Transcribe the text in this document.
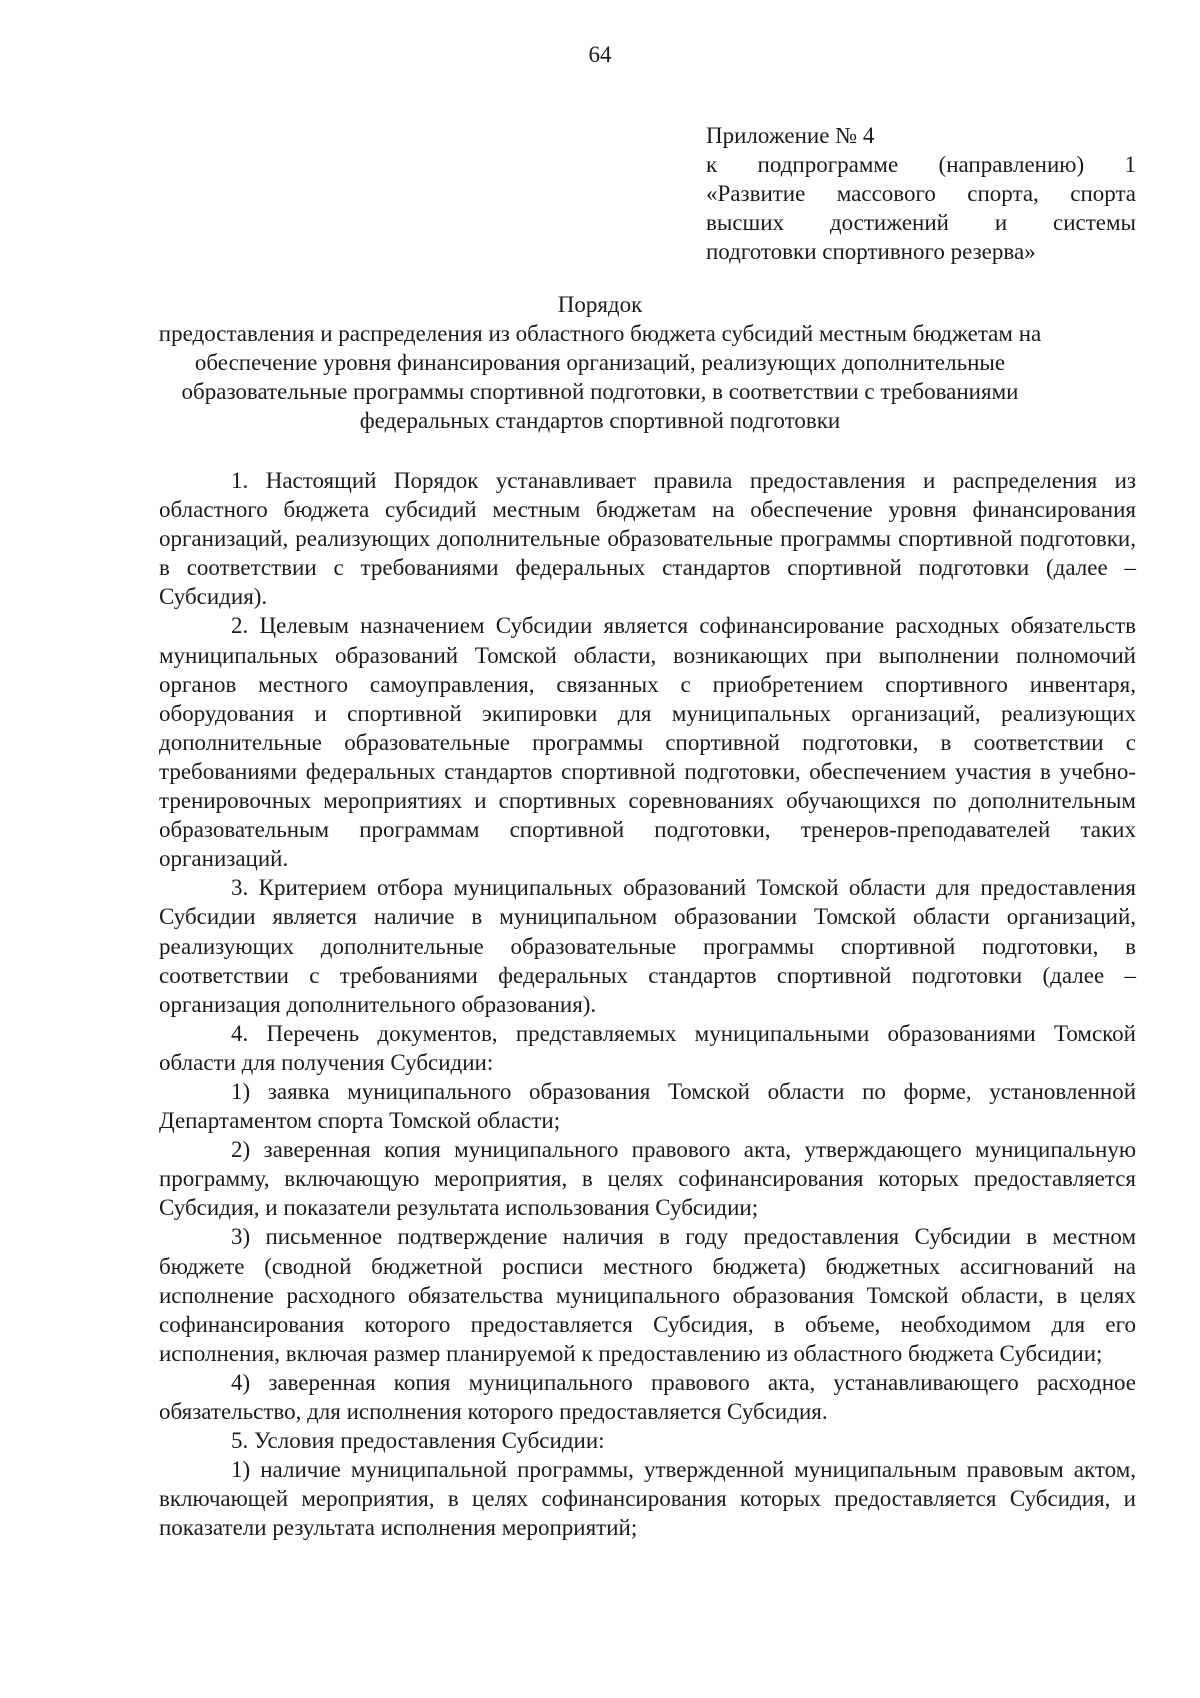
64
Приложение № 4
к подпрограмме (направлению) 1
«Развитие массового спорта, спорта
высших достижений и системы
подготовки спортивного резерва»
Порядок
предоставления и распределения из областного бюджета субсидий местным бюджетам на обеспечение уровня финансирования организаций, реализующих дополнительные образовательные программы спортивной подготовки, в соответствии с требованиями федеральных стандартов спортивной подготовки

1. Настоящий Порядок устанавливает правила предоставления и распределения из областного бюджета субсидий местным бюджетам на обеспечение уровня финансирования организаций, реализующих дополнительные образовательные программы спортивной подготовки, в соответствии с требованиями федеральных стандартов спортивной подготовки (далее – Субсидия).

2. Целевым назначением Субсидии является софинансирование расходных обязательств муниципальных образований Томской области, возникающих при выполнении полномочий органов местного самоуправления, связанных с приобретением спортивного инвентаря, оборудования и спортивной экипировки для муниципальных организаций, реализующих дополнительные образовательные программы спортивной подготовки, в соответствии с требованиями федеральных стандартов спортивной подготовки, обеспечением участия в учебно-тренировочных мероприятиях и спортивных соревнованиях обучающихся по дополнительным образовательным программам спортивной подготовки, тренеров-преподавателей таких организаций.

3. Критерием отбора муниципальных образований Томской области для предоставления Субсидии является наличие в муниципальном образовании Томской области организаций, реализующих дополнительные образовательные программы спортивной подготовки, в соответствии с требованиями федеральных стандартов спортивной подготовки (далее – организация дополнительного образования).

4. Перечень документов, представляемых муниципальными образованиями Томской области для получения Субсидии:

1) заявка муниципального образования Томской области по форме, установленной Департаментом спорта Томской области;

2) заверенная копия муниципального правового акта, утверждающего муниципальную программу, включающую мероприятия, в целях софинансирования которых предоставляется Субсидия, и показатели результата использования Субсидии;

3) письменное подтверждение наличия в году предоставления Субсидии в местном бюджете (сводной бюджетной росписи местного бюджета) бюджетных ассигнований на исполнение расходного обязательства муниципального образования Томской области, в целях софинансирования которого предоставляется Субсидия, в объеме, необходимом для его исполнения, включая размер планируемой к предоставлению из областного бюджета Субсидии;

4) заверенная копия муниципального правового акта, устанавливающего расходное обязательство, для исполнения которого предоставляется Субсидия.

5. Условия предоставления Субсидии:

1) наличие муниципальной программы, утвержденной муниципальным правовым актом, включающей мероприятия, в целях софинансирования которых предоставляется Субсидия, и показатели результата исполнения мероприятий;
